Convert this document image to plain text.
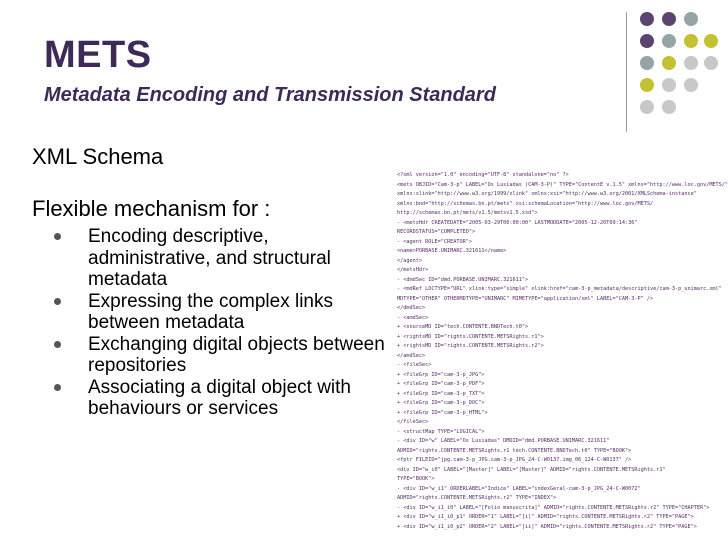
METS
Metadata Encoding and Transmission Standard
XML Schema
Flexible mechanism for :
Encoding descriptive, administrative, and structural metadata
Expressing the complex links between metadata
Exchanging digital objects between repositories
Associating a digital object with behaviours or services
<?xml version="1.0" encoding="UTF-8" standalone="no" ?>
<mets OBJID="Cam-3-p" LABEL="Os Lusiadas (CAM-3-P)" TYPE="ContentE v.1.5" xmlns="http://www.loc.gov/METS/"
xmlns:xlink="http://www.w3.org/1999/xlink" xmlns:xsi="http://www.w3.org/2001/XMLSchema-instance"
xmlns:bnd="http://schemas.bn.pt/mets" xsi:schemaLocation="http://www.loc.gov/METS/
http://schemas.bn.pt/mets/v1.5/metsv1.5.xsd">
- <metsHdr CREATEDATE="2005-03-29T00:00:00" LASTMODDATE="2005-12-20T09:14:36"
RECORDSTATUS="COMPLETED">
- <agent ROLE="CREATOR">
<name>PORBASE.UNIMARC.321611</name>
</agent>
</metsHdr>
- <dmdSec ID="dmd.PORBASE.UNIMARC.321611">
- <mdRef LOCTYPE="URL" xlink:type="simple" xlink:href="cam-3-p_metadata/descriptive/cam-3-p_unimarc.xml"
MDTYPE="OTHER" OTHERMDTYPE="UNIMARC" MIMETYPE="application/xml" LABEL="CAM-3-P" />
</dmdSec>
- <amdSec>
+ <sourceMD ID="tech.CONTENTE.BNDTech.t0">
+ <rightsMD ID="rights.CONTENTE.METSRights.r1">
+ <rightsMD ID="rights.CONTENTE.METSRights.r2">
</amdSec>
- <fileSec>
+ <fileGrp ID="cam-3-p_JPG">
+ <fileGrp ID="cam-3-p_PDF">
+ <fileGrp ID="cam-3-p_TXT">
+ <fileGrp ID="cam-3-p_DOC">
+ <fileGrp ID="cam-3-p_HTML">
</fileSec>
- <structMap TYPE="LOGICAL">
- <div ID="w" LABEL="Os Lusiadas" DMDID="dmd.PORBASE.UNIMARC.321611"
ADMID="rights.CONTENTE.METSRights.r1 tech.CONTENTE.BNDTech.t0" TYPE="BOOK">
<fptr FILEID="jpg.cam-3-p_JPG.cam-3-p_JPG_24-C-W0137.img_06_124-C-W0137" />
<div ID="w_i0" LABEL="[Master]" LABEL="[Master]" ADMID="rights.CONTENTE.METSRights.r1"
TYPE="BOOK">
- <div ID="w_i1" ORDERLABEL="Indice" LABEL="indexGeral-cam-3-p_JPG_24-C-W0072"
ADMID="rights.CONTENTE.METSRights.r2" TYPE="INDEX">
- <div ID="w_i1_i0" LABEL="[Folio manuscrita]" ADMID="rights.CONTENTE.METSRights.r2" TYPE="CHAPTER">
+ <div ID="w_i1_i0_p1" ORDER="1" LABEL="[i]" ADMID="rights.CONTENTE.METSRights.r2" TYPE="PAGE">
+ <div ID="w_i1_i0_p2" ORDER="2" LABEL="[ii]" ADMID="rights.CONTENTE.METSRights.r2" TYPE="PAGE">
